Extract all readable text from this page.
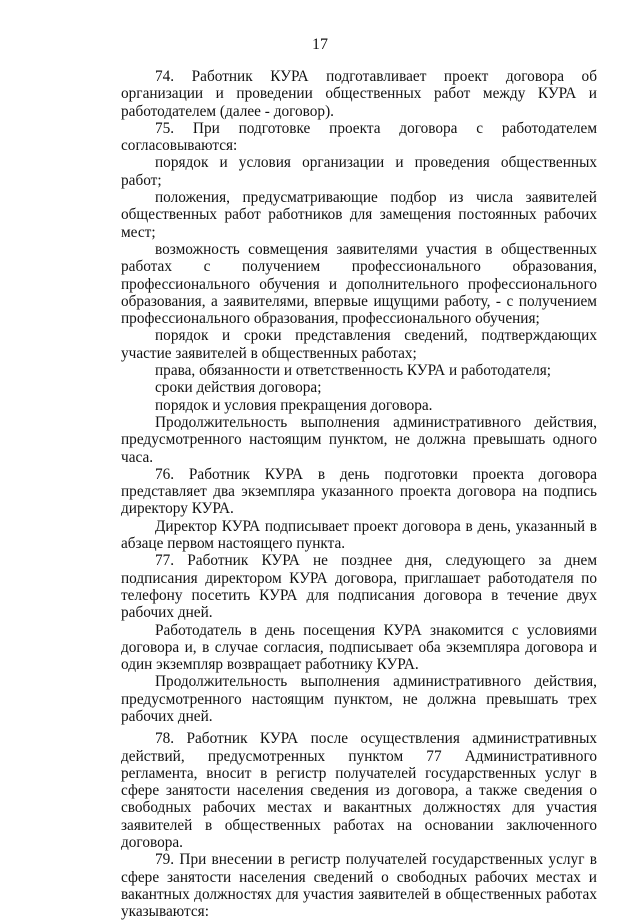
17

74. Работник КУРА подготавливает проект договора об организации и проведении общественных работ между КУРА и работодателем (далее - договор).

75. При подготовке проекта договора с работодателем согласовываются:

порядок и условия организации и проведения общественных работ;

положения, предусматривающие подбор из числа заявителей общественных работ работников для замещения постоянных рабочих мест;

возможность совмещения заявителями участия в общественных работах с получением профессионального образования, профессионального обучения и дополнительного профессионального образования, а заявителями, впервые ищущими работу, - с получением профессионального образования, профессионального обучения;

порядок и сроки представления сведений, подтверждающих участие заявителей в общественных работах;

права, обязанности и ответственность КУРА и работодателя;

сроки действия договора;

порядок и условия прекращения договора.

Продолжительность выполнения административного действия, предусмотренного настоящим пунктом, не должна превышать одного часа.

76. Работник КУРА в день подготовки проекта договора представляет два экземпляра указанного проекта договора на подпись директору КУРА.

Директор КУРА подписывает проект договора в день, указанный в абзаце первом настоящего пункта.

77. Работник КУРА не позднее дня, следующего за днем подписания директором КУРА договора, приглашает работодателя по телефону посетить КУРА для подписания договора в течение двух рабочих дней.

Работодатель в день посещения КУРА знакомится с условиями договора и, в случае согласия, подписывает оба экземпляра договора и один экземпляр возвращает работнику КУРА.

Продолжительность выполнения административного действия, предусмотренного настоящим пунктом, не должна превышать трех рабочих дней.

78. Работник КУРА после осуществления административных действий, предусмотренных пунктом 77 Административного регламента, вносит в регистр получателей государственных услуг в сфере занятости населения сведения из договора, а также сведения о свободных рабочих местах и вакантных должностях для участия заявителей в общественных работах на основании заключенного договора.

79. При внесении в регистр получателей государственных услуг в сфере занятости населения сведений о свободных рабочих местах и вакантных должностях для участия заявителей в общественных работах указываются:
